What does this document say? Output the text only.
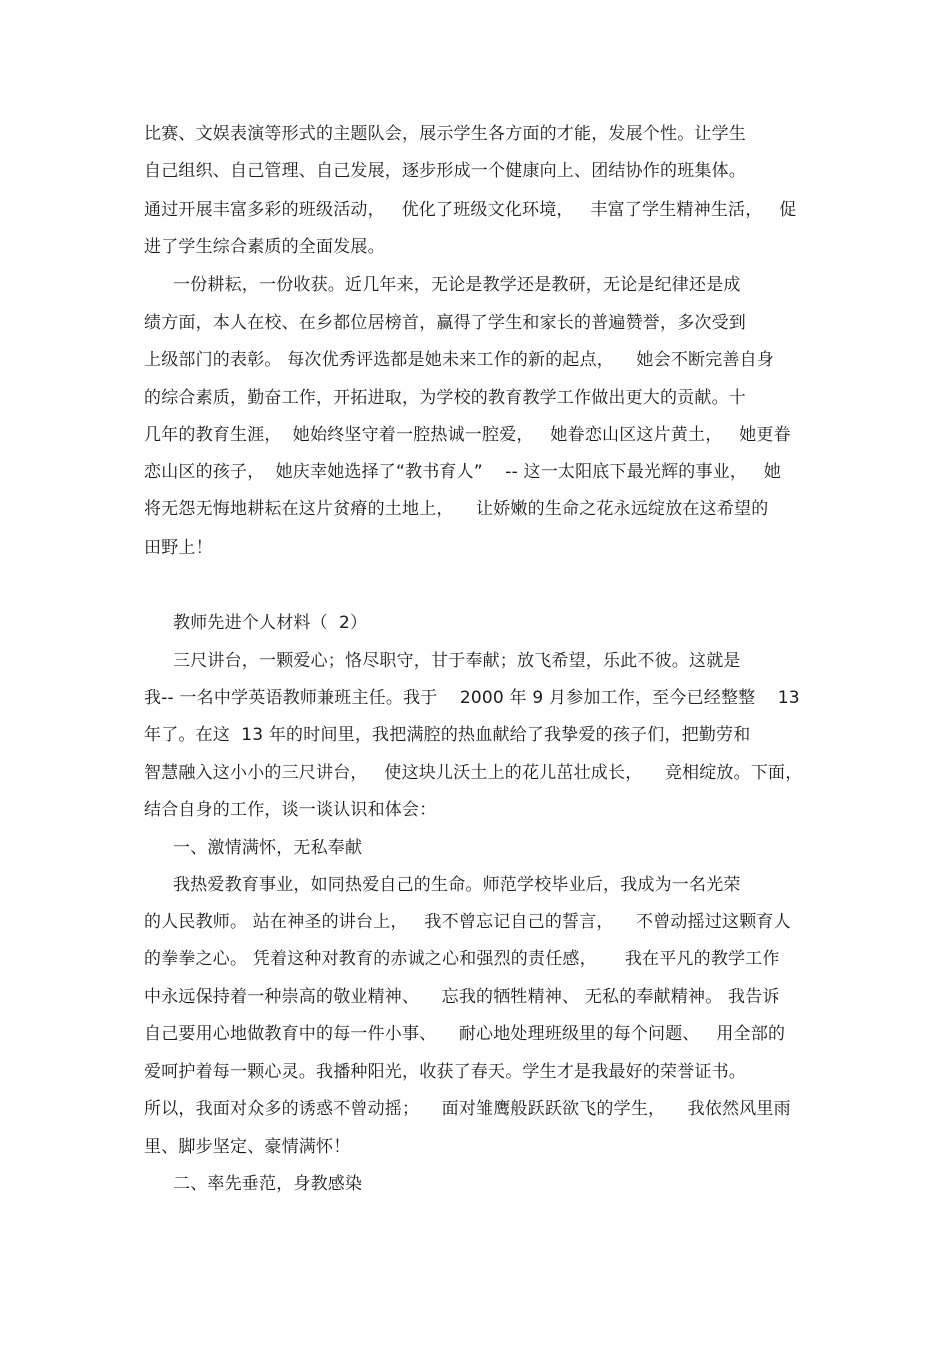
比赛、文娱表演等形式的主题队会，展示学生各方面的才能，发展个性。让学生
自己组织、自己管理、自己发展，逐步形成一个健康向上、团结协作的班集体。
通过开展丰富多彩的班级活动，   优化了班级文化环境，   丰富了学生精神生活，   促
进了学生综合素质的全面发展。
一份耕耘，一份收获。近几年来，无论是教学还是教研，无论是纪律还是成
绩方面，本人在校、在乡都位居榜首，赢得了学生和家长的普遍赞誉，多次受到
上级部门的表彰。 每次优秀评选都是她未来工作的新的起点，    她会不断完善自身
的综合素质，勤奋工作，开拓进取，为学校的教育教学工作做出更大的贡献。十
几年的教育生涯，  她始终坚守着一腔热诚一腔爱，   她眷恋山区这片黄土，   她更眷
恋山区的孩子，  她庆幸她选择了“教书育人”    -- 这一太阳底下最光辉的事业，   她
将无怨无悔地耕耘在这片贫瘠的土地上，    让娇嫩的生命之花永远绽放在这希望的
田野上！
教师先进个人材料（  2）
三尺讲台，一颗爱心；恪尽职守，甘于奉献；放飞希望，乐此不彼。这就是
我-- 一名中学英语教师兼班主任。我于    2000 年 9 月参加工作，至今已经整整    13
年了。在这  13 年的时间里，我把满腔的热血献给了我挚爱的孩子们，把勤劳和
智慧融入这小小的三尺讲台，   使这块儿沃土上的花儿茁壮成长，    竞相绽放。下面，
结合自身的工作，谈一谈认识和体会：
一、激情满怀，无私奉献
我热爱教育事业，如同热爱自己的生命。师范学校毕业后，我成为一名光荣
的人民教师。 站在神圣的讲台上，   我不曾忘记自己的誓言，    不曾动摇过这颗育人
的拳拳之心。 凭着这种对教育的赤诚之心和强烈的责任感，     我在平凡的教学工作
中永远保持着一种崇高的敬业精神、    忘我的牺牲精神、 无私的奉献精神。 我告诉
自己要用心地做教育中的每一件小事、    耐心地处理班级里的每个问题、   用全部的
爱呵护着每一颗心灵。我播种阳光，收获了春天。学生才是我最好的荣誉证书。
所以，我面对众多的诱惑不曾动摇；    面对雏鹰般跃跃欲飞的学生，    我依然风里雨
里、脚步坚定、豪情满怀！
二、率先垂范，身教感染
